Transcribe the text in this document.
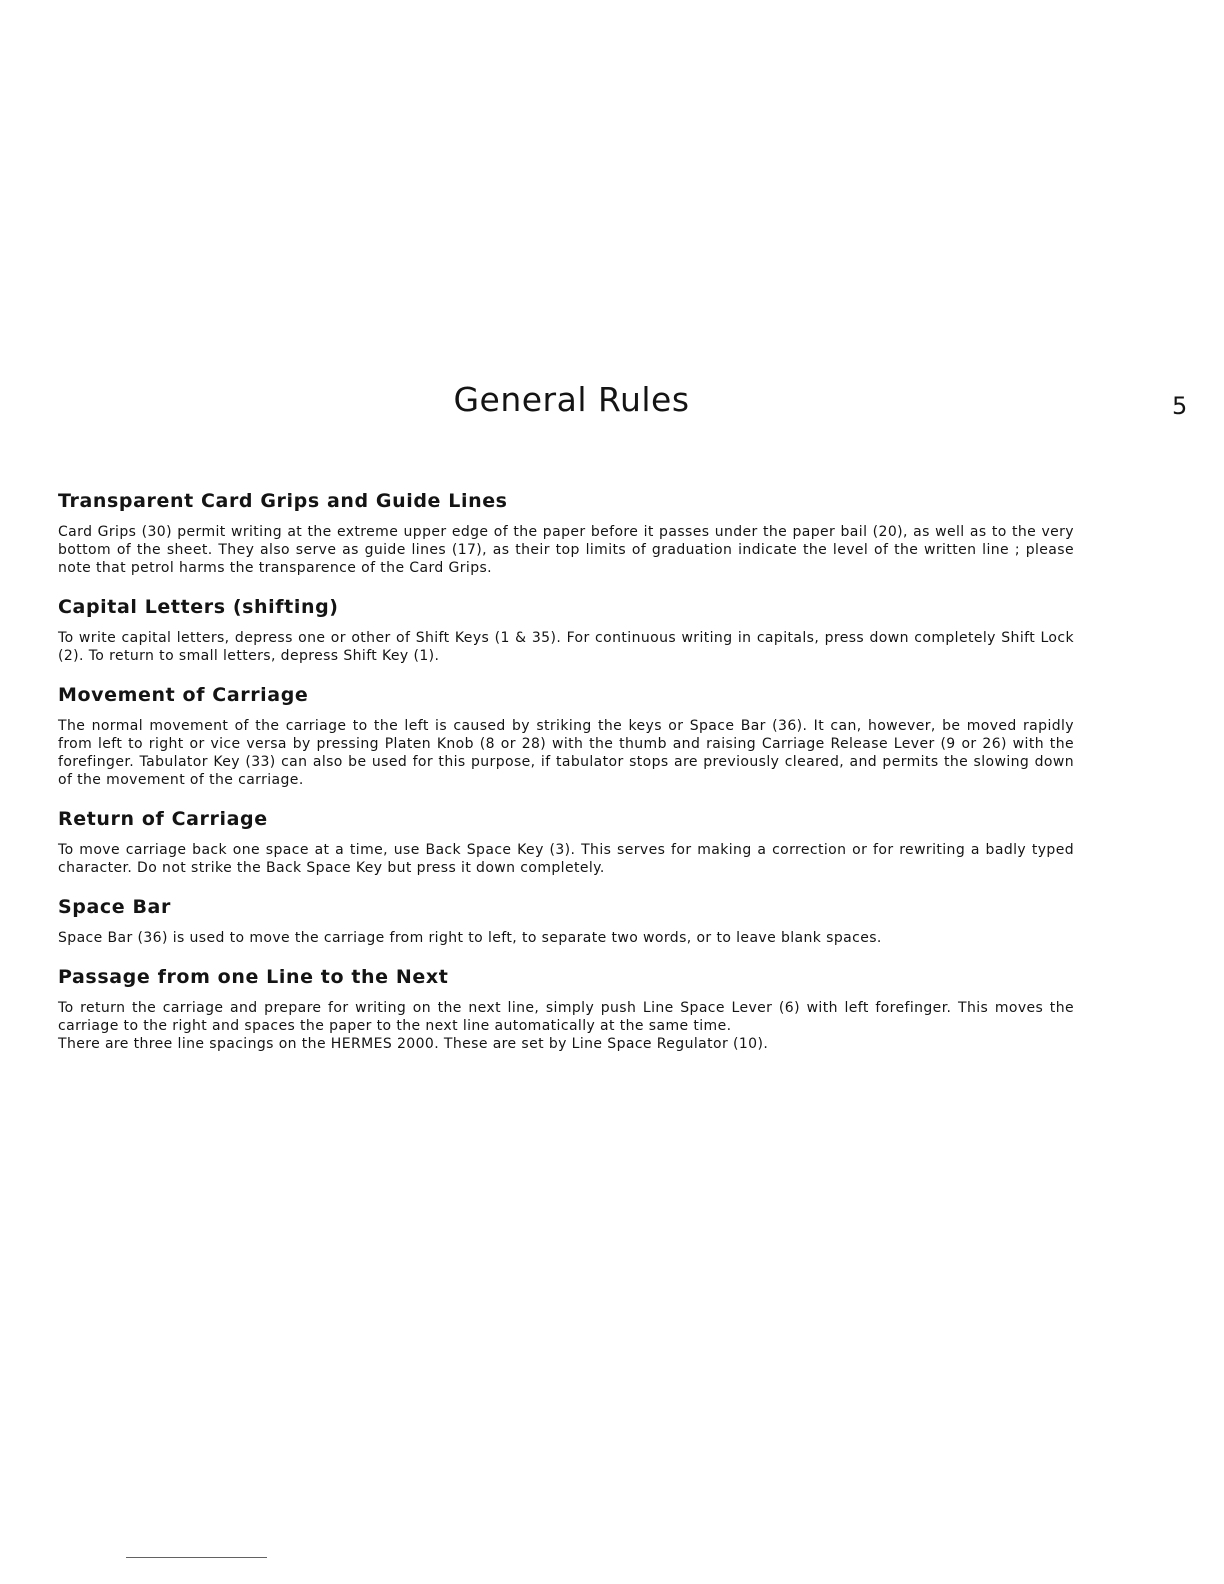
General Rules	5
Transparent Card Grips and Guide Lines

Card Grips (30) permit writing at the extreme upper edge of the paper before it passes under the paper bail (20), as well as to the very bottom of the sheet. They also serve as guide lines (17), as their top limits of graduation indicate the level of the written line ; please note that petrol harms the transparence of the Card Grips.

Capital Letters (shifting)

To write capital letters, depress one or other of Shift Keys (1 & 35). For continuous writing in capitals, press down completely Shift Lock (2). To return to small letters, depress Shift Key (1).

Movement of Carriage

The normal movement of the carriage to the left is caused by striking the keys or Space Bar (36). It can, however, be moved rapidly from left to right or vice versa by pressing Platen Knob (8 or 28) with the thumb and raising Carriage Release Lever (9 or 26) with the forefinger. Tabulator Key (33) can also be used for this purpose, if tabulator stops are previously cleared, and permits the slowing down of the movement of the carriage.

Return of Carriage

To move carriage back one space at a time, use Back Space Key (3). This serves for making a correction or for rewriting a badly typed character. Do not strike the Back Space Key but press it down completely.

Space Bar

Space Bar (36) is used to move the carriage from right to left, to separate two words, or to leave blank spaces.

Passage from one Line to the Next

To return the carriage and prepare for writing on the next line, simply push Line Space Lever (6) with left forefinger. This moves the carriage to the right and spaces the paper to the next line automatically at the same time.

There are three line spacings on the HERMES 2000. These are set by Line Space Regulator (10).
